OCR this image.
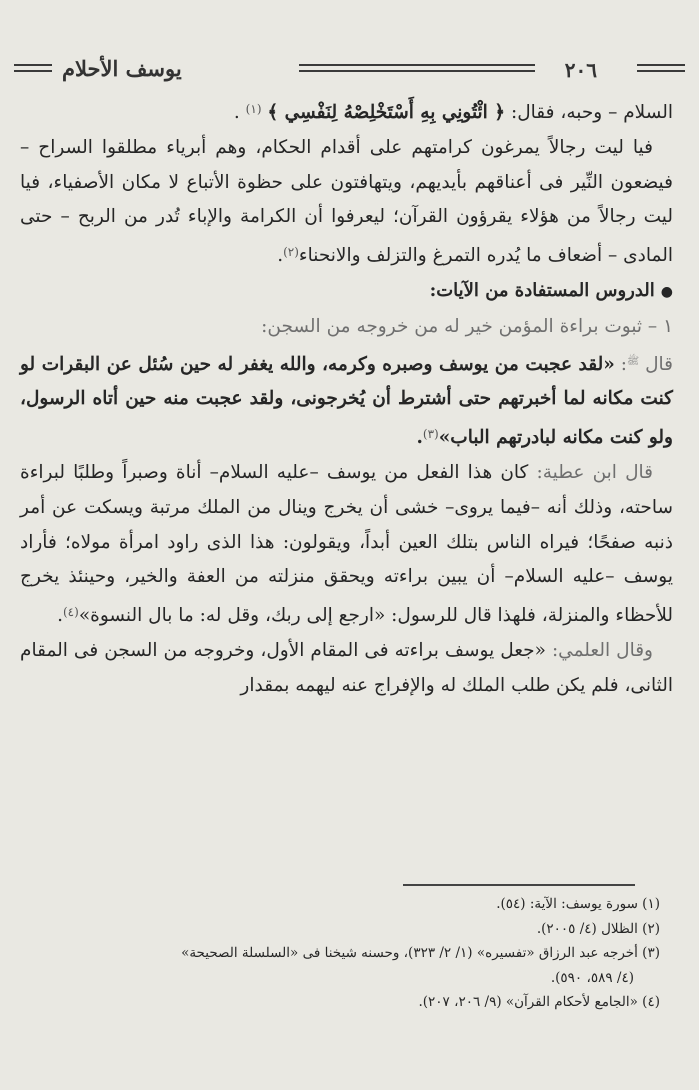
٢٠٦
يوسف الأحلام

السلام – وحبه، فقال: ﴿ ائْتُونِي بِهِ أَسْتَخْلِصْهُ لِنَفْسِي ﴾ $^{(١)}$ .

فيا ليت رجالاً يمرغون كرامتهم على أقدام الحكام، وهم أبرياء مطلقوا السراح – فيضعون النِّير فى أعناقهم بأيديهم، ويتهافتون على حظوة الأتباع لا مكان الأصفياء، فيا ليت رجالاً من هؤلاء يقرؤون القرآن؛ ليعرفوا أن الكرامة والإباء تُدر من الربح – حتى المادى – أضعاف ما يُدره التمرغ والتزلف والانحناء$^{(٢)}$.

●الدروس المستفادة من الآيات:

١ – ثبوت براءة المؤمن خير له من خروجه من السجن:

قال $^ﷺ$: «لقد عجبت من يوسف وصبره وكرمه، والله يغفر له حين سُئل عن البقرات لو كنت مكانه لما أخبرتهم حتى أشترط أن يُخرجونى، ولقد عجبت منه حين أتاه الرسول، ولو كنت مكانه لبادرتهم الباب»$^{(٣)}$.

قال ابن عطية: كان هذا الفعل من يوسف –عليه السلام– أناة وصبراً وطلبًا لبراءة ساحته، وذلك أنه –فيما يروى– خشى أن يخرج وينال من الملك مرتبة ويسكت عن أمر ذنبه صفحًا؛ فيراه الناس بتلك العين أبداً، ويقولون: هذا الذى راود امرأة مولاه؛ فأراد يوسف –عليه السلام– أن يبين براءته ويحقق منزلته من العفة والخير، وحينئذ يخرج للأحظاء والمنزلة، فلهذا قال للرسول: «ارجع إلى ربك، وقل له: ما بال النسوة»$^{(٤)}$.

وقال العلمي: «جعل يوسف براءته فى المقام الأول، وخروجه من السجن فى المقام الثانى، فلم يكن طلب الملك له والإفراج عنه ليهمه بمقدار

(١) سورة يوسف: الآية: (٥٤).

(٢) الظلال (٤/ ٢٠٠٥).

(٣) أخرجه عبد الرزاق «تفسيره» (١/ ٢/ ٣٢٣)، وحسنه شيخنا فى «السلسلة الصحيحة»

(٤/ ٥٨٩، ٥٩٠).

(٤) «الجامع لأحكام القرآن» (٩/ ٢٠٦، ٢٠٧).
